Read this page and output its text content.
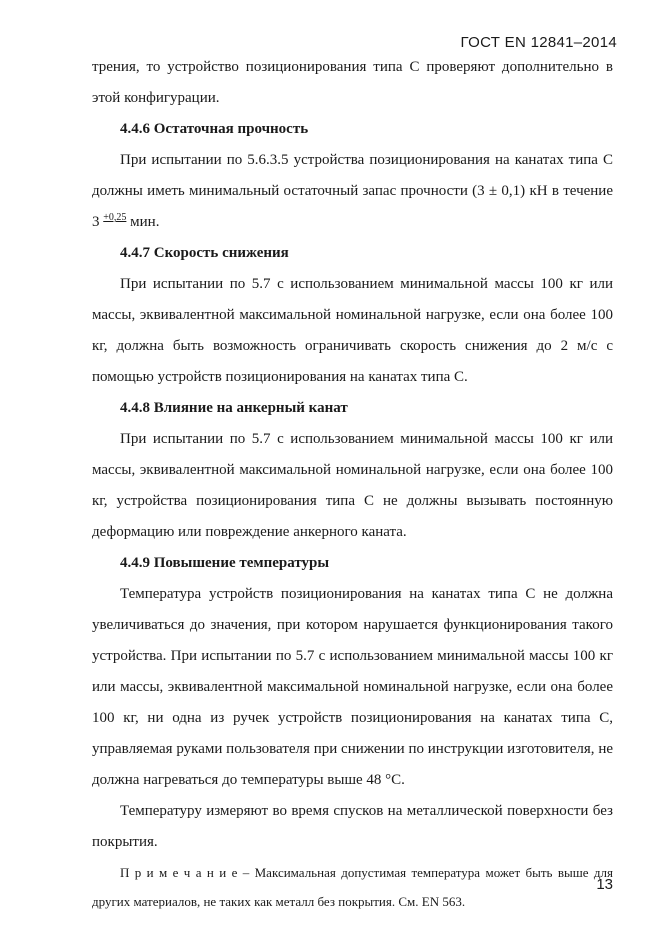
ГОСТ EN 12841–2014

трения, то устройство позиционирования типа С проверяют дополнительно в этой конфигурации.

4.4.6 Остаточная прочность

При испытании по 5.6.3.5 устройства позиционирования на канатах типа С должны иметь минимальный остаточный запас прочности (3 ± 0,1) кН в течение 3 $^{+0,25}$ мин.

4.4.7 Скорость снижения

При испытании по 5.7 с использованием минимальной массы 100 кг или массы, эквивалентной максимальной номинальной нагрузке, если она более 100 кг, должна быть возможность ограничивать скорость снижения до 2 м/с с помощью устройств позиционирования на канатах типа С.

4.4.8 Влияние на анкерный канат

При испытании по 5.7 с использованием минимальной массы 100 кг или массы, эквивалентной максимальной номинальной нагрузке, если она более 100 кг, устройства позиционирования типа С не должны вызывать постоянную деформацию или повреждение анкерного каната.

4.4.9 Повышение температуры

Температура устройств позиционирования на канатах типа С не должна увеличиваться до значения, при котором нарушается функционирования такого устройства. При испытании по 5.7 с использованием минимальной массы 100 кг или массы, эквивалентной максимальной номинальной нагрузке, если она более 100 кг, ни одна из ручек устройств позиционирования на канатах типа С, управляемая руками пользователя при снижении по инструкции изготовителя, не должна нагреваться до температуры выше 48 °С.

Температуру измеряют во время спусков на металлической поверхности без покрытия.

П р и м е ч а н и е – Максимальная допустимая температура может быть выше для других материалов, не таких как металл без покрытия. См. EN 563.

13
